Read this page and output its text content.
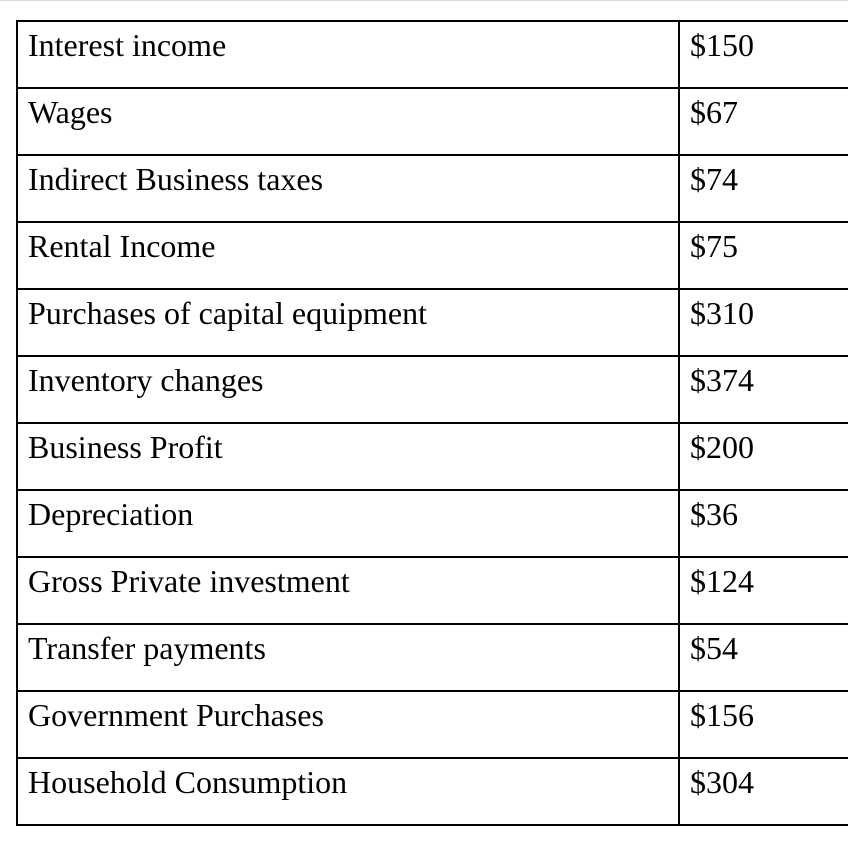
Interest income	$150
Wages	$67
Indirect Business taxes	$74
Rental Income	$75
Purchases of capital equipment	$310
Inventory changes	$374
Business Profit	$200
Depreciation	$36
Gross Private investment	$124
Transfer payments	$54
Government Purchases	$156
Household Consumption	$304
